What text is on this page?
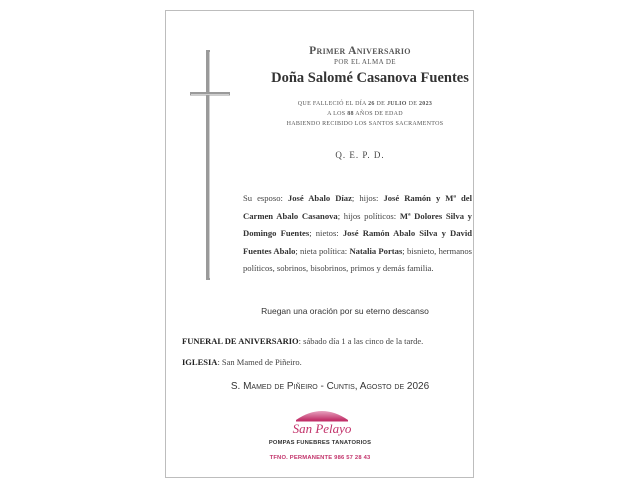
Primer Aniversario
POR EL ALMA DE
Doña Salomé Casanova Fuentes
QUE FALLECIÓ EL DÍA 26 DE JULIO DE 2023
A LOS 88 AÑOS DE EDAD
HABIENDO RECIBIDO LOS SANTOS SACRAMENTOS
Q. E. P. D.
Su esposo: José Abalo Díaz; hijos: José Ramón y Mª del Carmen Abalo Casanova; hijos políticos: Mª Dolores Silva y Domingo Fuentes; nietos: José Ramón Abalo Silva y David Fuentes Abalo; nieta política: Natalia Portas; bisnieto, hermanos políticos, sobrinos, bisobrinos, primos y demás familia.
Ruegan una oración por su eterno descanso
FUNERAL DE ANIVERSARIO: sábado día 1 a las cinco de la tarde.
IGLESIA: San Mamed de Piñeiro.
S. Mamed de Piñeiro - Cuntis, Agosto de 2026
San Pelayo
POMPAS FUNEBRES TANATORIOS
TFNO. PERMANENTE 986 57 28 43
